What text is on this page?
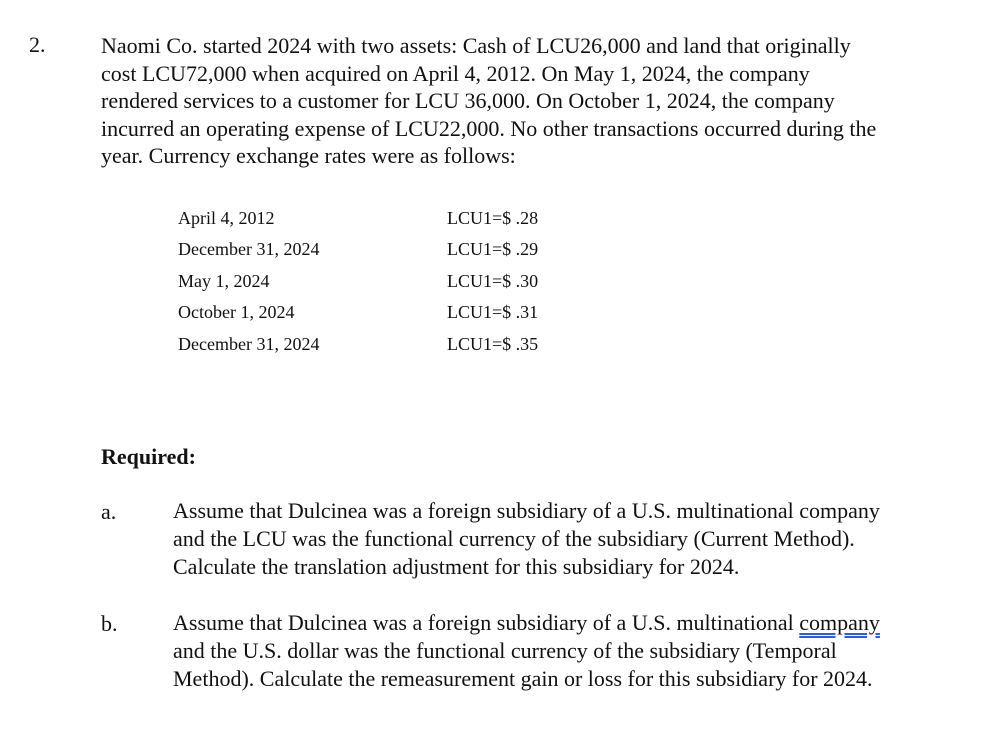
2.	Naomi Co. started 2024 with two assets: Cash of LCU26,000 and land that originally
cost LCU72,000 when acquired on April 4, 2012. On May 1, 2024, the company
rendered services to a customer for LCU 36,000. On October 1, 2024, the company
incurred an operating expense of LCU22,000. No other transactions occurred during the
year. Currency exchange rates were as follows:
April 4, 2012	LCU1=$ .28
December 31, 2024	LCU1=$ .29
May 1, 2024	LCU1=$ .30
October 1, 2024	LCU1=$ .31
December 31, 2024	LCU1=$ .35
Required:
a.	Assume that Dulcinea was a foreign subsidiary of a U.S. multinational company
and the LCU was the functional currency of the subsidiary (Current Method).
Calculate the translation adjustment for this subsidiary for 2024.
b.	Assume that Dulcinea was a foreign subsidiary of a U.S. multinational company
and the U.S. dollar was the functional currency of the subsidiary (Temporal
Method). Calculate the remeasurement gain or loss for this subsidiary for 2024.
